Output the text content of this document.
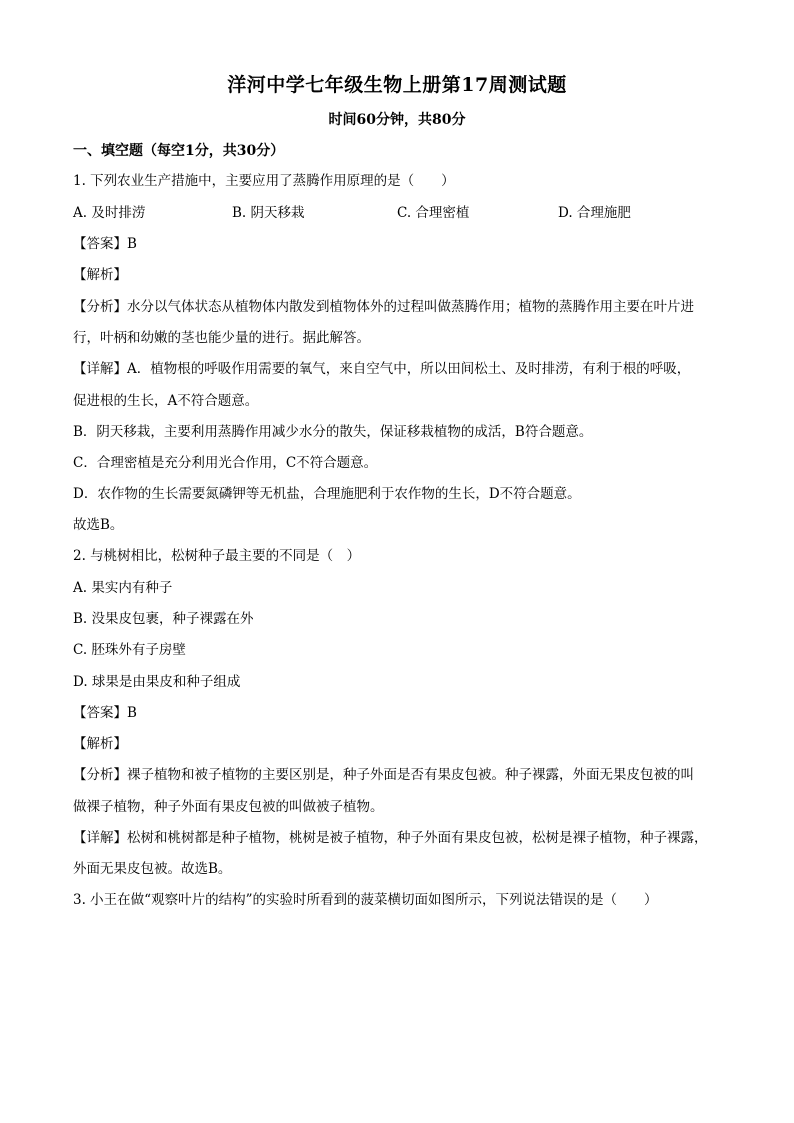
洋河中学七年级生物上册第17周测试题
时间60分钟，共80分
一、填空题（每空1分，共30分）
1. 下列农业生产措施中，主要应用了蒸腾作用原理的是（　　）
A. 及时排涝	B. 阴天移栽	C. 合理密植	D. 合理施肥
【答案】B
【解析】
【分析】水分以气体状态从植物体内散发到植物体外的过程叫做蒸腾作用；植物的蒸腾作用主要在叶片进
行，叶柄和幼嫩的茎也能少量的进行。据此解答。
【详解】A．植物根的呼吸作用需要的氧气，来自空气中，所以田间松土、及时排涝，有利于根的呼吸，
促进根的生长，A不符合题意。
B．阴天移栽，主要利用蒸腾作用减少水分的散失，保证移栽植物的成活，B符合题意。
C．合理密植是充分利用光合作用，C不符合题意。
D．农作物的生长需要氮磷钾等无机盐，合理施肥利于农作物的生长，D不符合题意。
故选B。
2. 与桃树相比，松树种子最主要的不同是（　）
A. 果实内有种子
B. 没果皮包裹，种子裸露在外
C. 胚珠外有子房壁
D. 球果是由果皮和种子组成
【答案】B
【解析】
【分析】裸子植物和被子植物的主要区别是，种子外面是否有果皮包被。种子裸露，外面无果皮包被的叫
做裸子植物，种子外面有果皮包被的叫做被子植物。
【详解】松树和桃树都是种子植物，桃树是被子植物，种子外面有果皮包被，松树是裸子植物，种子裸露，
外面无果皮包被。故选B。
3. 小王在做“观察叶片的结构”的实验时所看到的菠菜横切面如图所示，下列说法错误的是（　　）
